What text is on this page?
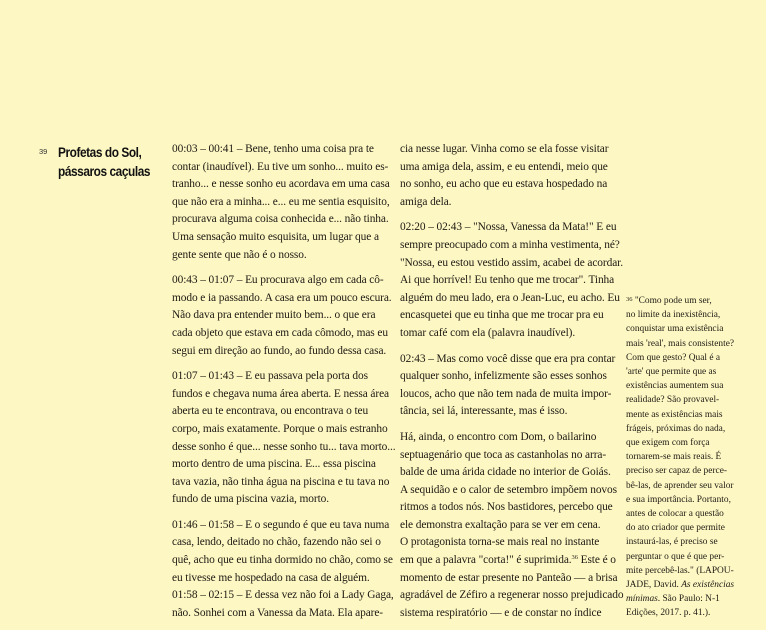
39 Profetas do Sol,
pássaros caçulas

00:03 – 00:41 – Bene, tenho uma coisa pra te
contar (inaudível). Eu tive um sonho... muito es-
tranho... e nesse sonho eu acordava em uma casa
que não era a minha... e... eu me sentia esquisito,
procurava alguma coisa conhecida e... não tinha.
Uma sensação muito esquisita, um lugar que a
gente sente que não é o nosso.

00:43 – 01:07 – Eu procurava algo em cada cô-
modo e ia passando. A casa era um pouco escura.
Não dava pra entender muito bem... o que era
cada objeto que estava em cada cômodo, mas eu
segui em direção ao fundo, ao fundo dessa casa.

01:07 – 01:43 – E eu passava pela porta dos
fundos e chegava numa área aberta. E nessa área
aberta eu te encontrava, ou encontrava o teu
corpo, mais exatamente. Porque o mais estranho
desse sonho é que... nesse sonho tu... tava morto...
morto dentro de uma piscina. E... essa piscina
tava vazia, não tinha água na piscina e tu tava no
fundo de uma piscina vazia, morto.

01:46 – 01:58 – E o segundo é que eu tava numa
casa, lendo, deitado no chão, fazendo não sei o
quê, acho que eu tinha dormido no chão, como se
eu tivesse me hospedado na casa de alguém.
01:58 – 02:15 – E dessa vez não foi a Lady Gaga,
não. Sonhei com a Vanessa da Mata. Ela apare-

cia nesse lugar. Vinha como se ela fosse visitar
uma amiga dela, assim, e eu entendi, meio que
no sonho, eu acho que eu estava hospedado na
amiga dela.

02:20 – 02:43 – "Nossa, Vanessa da Mata!" E eu
sempre preocupado com a minha vestimenta, né?
"Nossa, eu estou vestido assim, acabei de acordar.
Ai que horrível! Eu tenho que me trocar". Tinha
alguém do meu lado, era o Jean-Luc, eu acho. Eu
encasquetei que eu tinha que me trocar pra eu
tomar café com ela (palavra inaudível).

02:43 – Mas como você disse que era pra contar
qualquer sonho, infelizmente são esses sonhos
loucos, acho que não tem nada de muita impor-
tância, sei lá, interessante, mas é isso.

Há, ainda, o encontro com Dom, o bailarino
septuagenário que toca as castanholas no arra-
balde de uma árida cidade no interior de Goiás.
A sequidão e o calor de setembro impõem novos
ritmos a todos nós. Nos bastidores, percebo que
ele demonstra exaltação para se ver em cena.
O protagonista torna-se mais real no instante

em que a palavra "corta!" é suprimida.$^{36}$ Este é o
momento de estar presente no Panteão — a brisa
agradável de Zéfiro a regenerar nosso prejudicado
sistema respiratório — e de constar no índice

$^{36}$ "Como pode um ser,
no limite da inexistência,
conquistar uma existência
mais 'real', mais consistente?
Com que gesto? Qual é a
'arte' que permite que as
existências aumentem sua
realidade? São provavel-
mente as existências mais
frágeis, próximas do nada,
que exigem com força
tornarem-se mais reais. É
preciso ser capaz de perce-
bê-las, de aprender seu valor
e sua importância. Portanto,
antes de colocar a questão
do ato criador que permite
instaurá-las, é preciso se
perguntar o que é que per-
mite percebê-las." (LAPOU-
JADE, David. As existências
mínimas. São Paulo: N-1
Edições, 2017. p. 41.).
